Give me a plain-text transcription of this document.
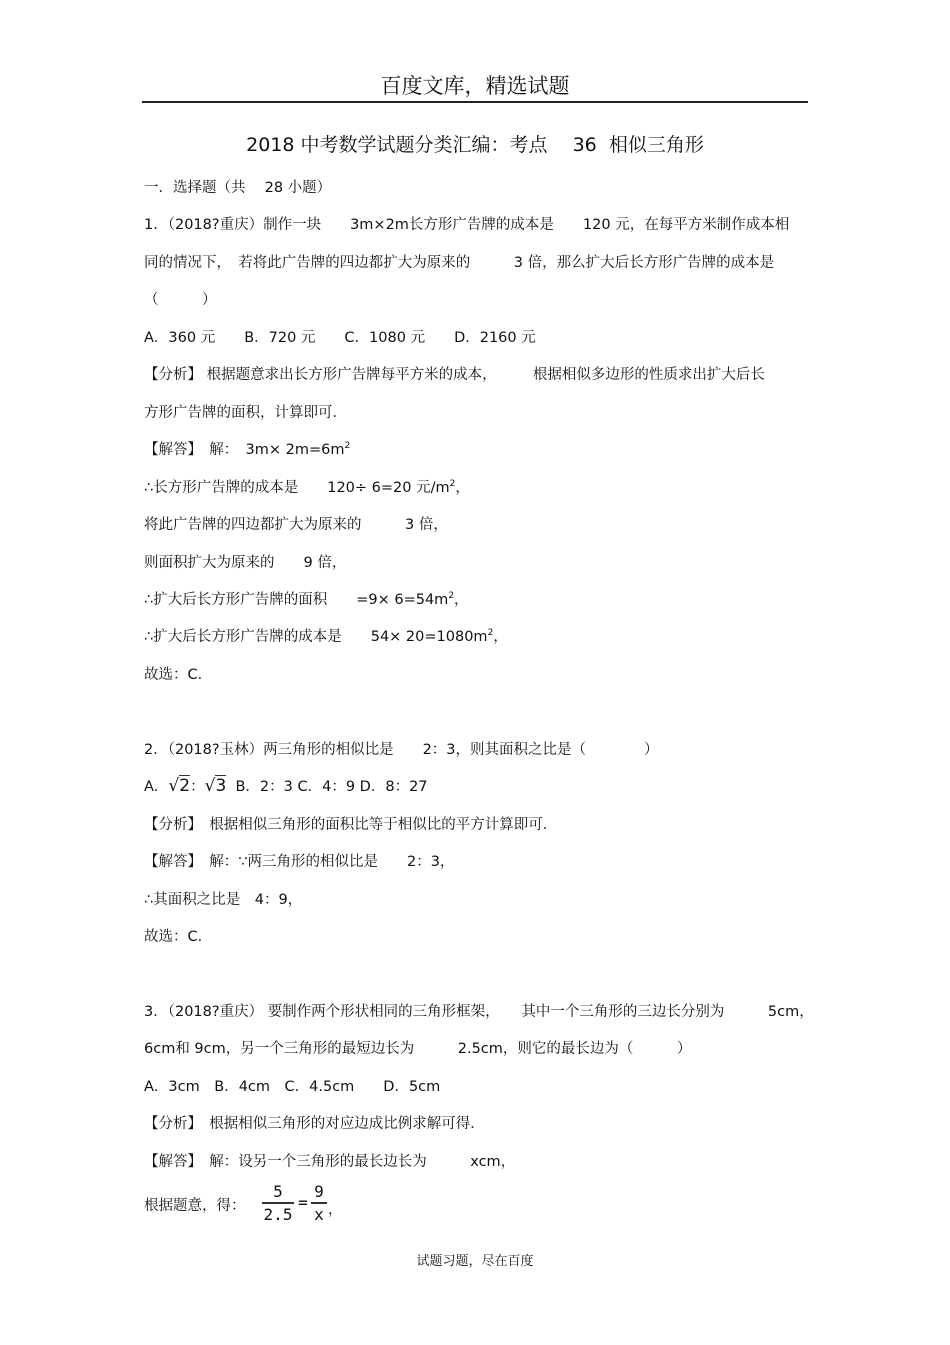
百度文库，精选试题
2018 中考数学试题分类汇编：考点　 36  相似三角形
一．选择题（共　 28 小题）
1．（2018?重庆）制作一块　　3m×2m长方形广告牌的成本是　　120 元，在每平方米制作成本相
同的情况下，　若将此广告牌的四边都扩大为原来的　　　3 倍，那么扩大后长方形广告牌的成本是
（　　　）
A．360 元　　B．720 元　　C．1080 元　　D．2160 元
【分析】 根据题意求出长方形广告牌每平方米的成本，　　　根据相似多边形的性质求出扩大后长
方形广告牌的面积，计算即可．
【解答】　解：　$3m\times 2m=6m^2$
∴长方形广告牌的成本是　　120÷ 6=20 元$/m^2$，
将此广告牌的四边都扩大为原来的　　　3 倍，
则面积扩大为原来的　　9 倍，
∴扩大后长方形广告牌的面积　　$=9\times 6=54m^2$，
∴扩大后长方形广告牌的成本是　　$54\times 20=1080m^2$，
故选：C．
2．（2018?玉林）两三角形的相似比是　　2：3，则其面积之比是（　　　　）
A．√2：√3 B．2：3 C．4：9 D．8：27
【分析】　根据相似三角形的面积比等于相似比的平方计算即可．
【解答】　解：∵两三角形的相似比是　　2：3，
∴其面积之比是　4：9，
故选：C．
3．（2018?重庆） 要制作两个形状相同的三角形框架，　　其中一个三角形的三边长分别为　　　5cm，
6cm和 9cm，另一个三角形的最短边长为　　　2.5cm，则它的最长边为（　　　）
A．3cm　B．4cm　C．4.5cm　　D．5cm
【分析】　根据相似三角形的对应边成比例求解可得．
【解答】　解：设另一个三角形的最长边长为　　　xcm，
根据题意，得：
5
2.5
=
9
x ，
试题习题，尽在百度
